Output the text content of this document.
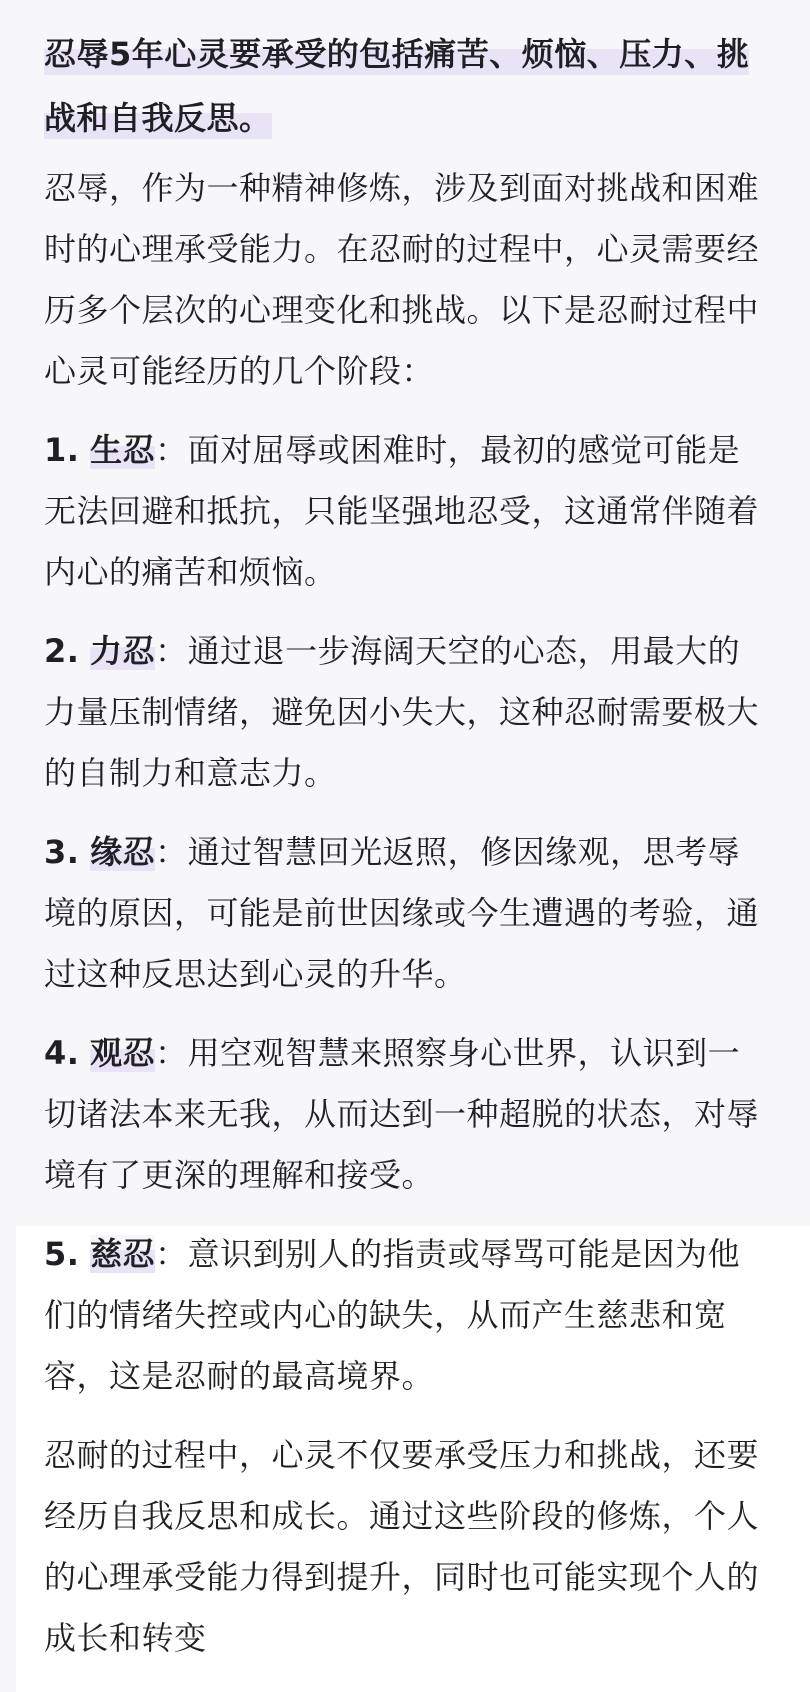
忍辱5年心灵要承受的包括痛苦、烦恼、压力、挑战和自我反思。

忍辱，作为一种精神修炼，涉及到面对挑战和困难时的心理承受能力。在忍耐的过程中，心灵需要经历多个层次的心理变化和挑战。以下是忍耐过程中心灵可能经历的几个阶段：

1. 生忍：面对屈辱或困难时，最初的感觉可能是无法回避和抵抗，只能坚强地忍受，这通常伴随着内心的痛苦和烦恼。

2. 力忍：通过退一步海阔天空的心态，用最大的力量压制情绪，避免因小失大，这种忍耐需要极大的自制力和意志力。

3. 缘忍：通过智慧回光返照，修因缘观，思考辱境的原因，可能是前世因缘或今生遭遇的考验，通过这种反思达到心灵的升华。

4. 观忍：用空观智慧来照察身心世界，认识到一切诸法本来无我，从而达到一种超脱的状态，对辱境有了更深的理解和接受。

5. 慈忍：意识到别人的指责或辱骂可能是因为他们的情绪失控或内心的缺失，从而产生慈悲和宽容，这是忍耐的最高境界。

忍耐的过程中，心灵不仅要承受压力和挑战，还要经历自我反思和成长。通过这些阶段的修炼，个人的心理承受能力得到提升，同时也可能实现个人的成长和转变
